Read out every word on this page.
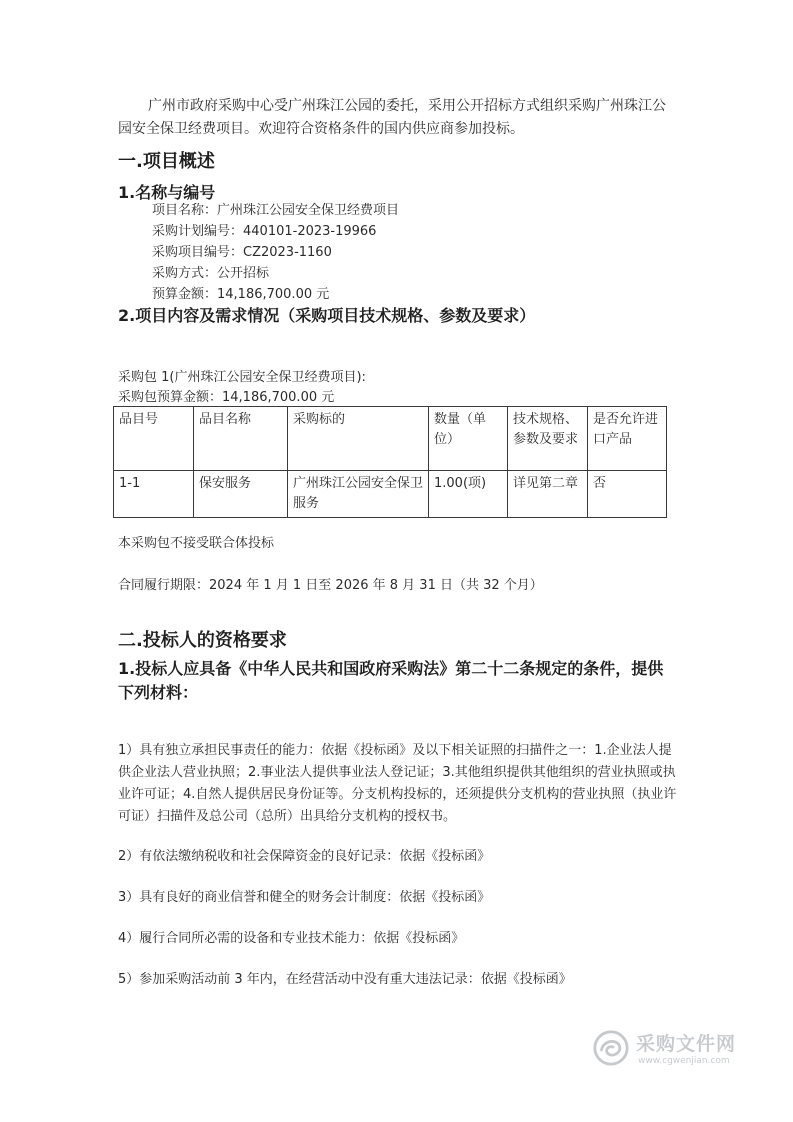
广州市政府采购中心受广州珠江公园的委托，采用公开招标方式组织采购广州珠江公园安全保卫经费项目。欢迎符合资格条件的国内供应商参加投标。
一.项目概述
1.名称与编号
项目名称：广州珠江公园安全保卫经费项目
采购计划编号：440101-2023-19966
采购项目编号：CZ2023-1160
采购方式：公开招标
预算金额：14,186,700.00 元
2.项目内容及需求情况（采购项目技术规格、参数及要求）
采购包 1(广州珠江公园安全保卫经费项目):
采购包预算金额：14,186,700.00 元
品目号	品目名称	采购标的	数量（单位）	技术规格、参数及要求	是否允许进口产品
1-1	保安服务	广州珠江公园安全保卫服务	1.00(项)	详见第二章	否
本采购包不接受联合体投标
合同履行期限：2024 年 1 月 1 日至 2026 年 8 月 31 日（共 32 个月）
二.投标人的资格要求
1.投标人应具备《中华人民共和国政府采购法》第二十二条规定的条件，提供下列材料：
1）具有独立承担民事责任的能力：依据《投标函》及以下相关证照的扫描件之一：1.企业法人提供企业法人营业执照；2.事业法人提供事业法人登记证；3.其他组织提供其他组织的营业执照或执业许可证；4.自然人提供居民身份证等。分支机构投标的，还须提供分支机构的营业执照（执业许可证）扫描件及总公司（总所）出具给分支机构的授权书。
2）有依法缴纳税收和社会保障资金的良好记录：依据《投标函》
3）具有良好的商业信誉和健全的财务会计制度：依据《投标函》
4）履行合同所必需的设备和专业技术能力：依据《投标函》
5）参加采购活动前 3 年内，在经营活动中没有重大违法记录：依据《投标函》
采购文件网
www.cgwenjian.com
